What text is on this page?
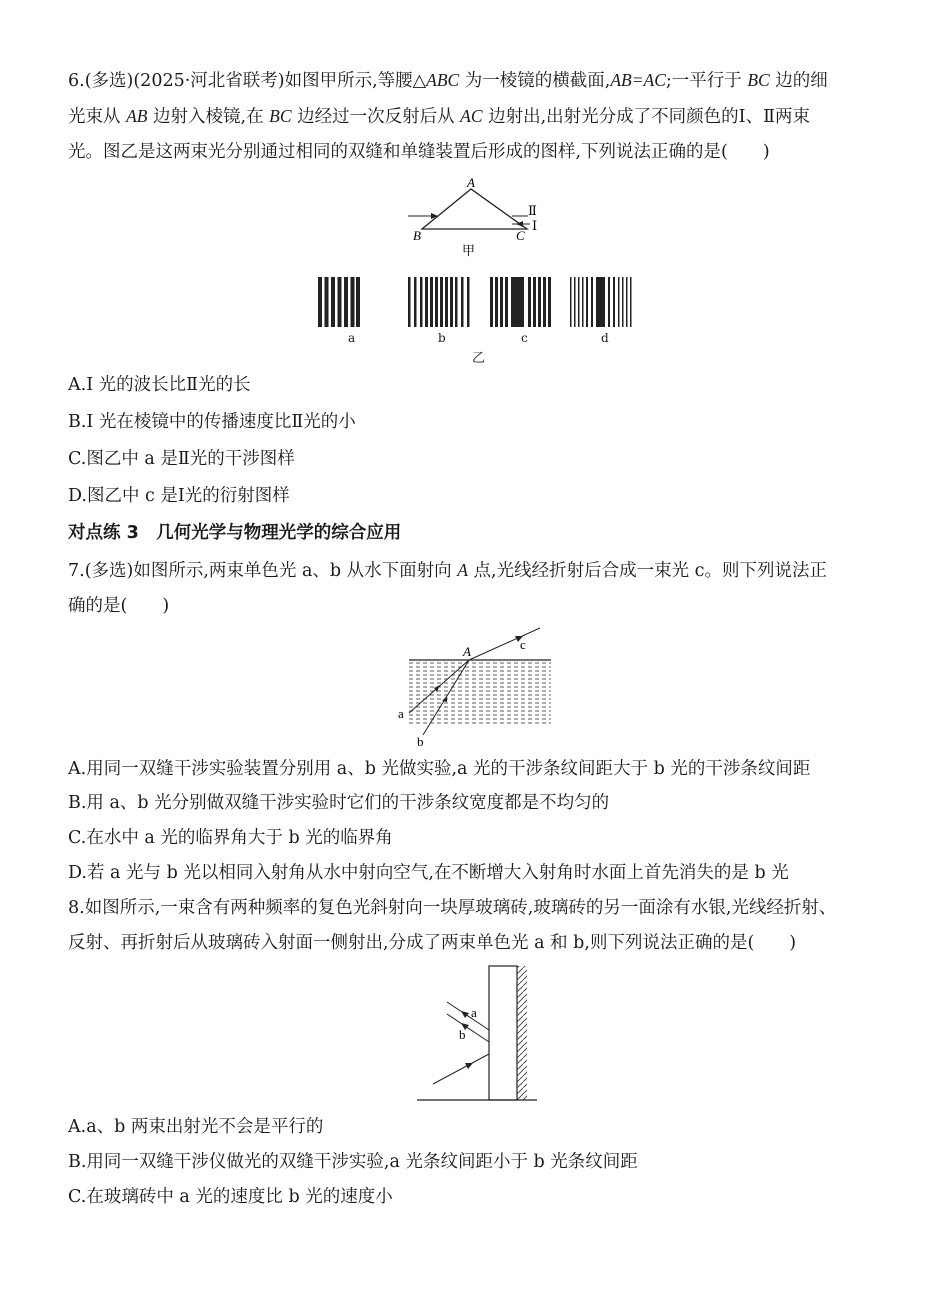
6.(多选)(2025·河北省联考)如图甲所示,等腰△ABC 为一棱镜的横截面,AB=AC;一平行于 BC 边的细
光束从 AB 边射入棱镜,在 BC 边经过一次反射后从 AC 边射出,出射光分成了不同颜色的Ⅰ、Ⅱ两束
光。图乙是这两束光分别通过相同的双缝和单缝装置后形成的图样,下列说法正确的是(　　)
A
B	C
Ⅱ
Ⅰ
甲
a	b	c	d
乙
A.Ⅰ 光的波长比Ⅱ光的长
B.Ⅰ 光在棱镜中的传播速度比Ⅱ光的小
C.图乙中 a 是Ⅱ光的干涉图样
D.图乙中 c 是Ⅰ光的衍射图样
对点练 3　几何光学与物理光学的综合应用
7.(多选)如图所示,两束单色光 a、b 从水下面射向 A 点,光线经折射后合成一束光 c。则下列说法正
确的是(　　)
A
a
b
c
A.用同一双缝干涉实验装置分别用 a、b 光做实验,a 光的干涉条纹间距大于 b 光的干涉条纹间距
B.用 a、b 光分别做双缝干涉实验时它们的干涉条纹宽度都是不均匀的
C.在水中 a 光的临界角大于 b 光的临界角
D.若 a 光与 b 光以相同入射角从水中射向空气,在不断增大入射角时水面上首先消失的是 b 光
8.如图所示,一束含有两种频率的复色光斜射向一块厚玻璃砖,玻璃砖的另一面涂有水银,光线经折射、
反射、再折射后从玻璃砖入射面一侧射出,分成了两束单色光 a 和 b,则下列说法正确的是(　　)
a
b
A.a、b 两束出射光不会是平行的
B.用同一双缝干涉仪做光的双缝干涉实验,a 光条纹间距小于 b 光条纹间距
C.在玻璃砖中 a 光的速度比 b 光的速度小
